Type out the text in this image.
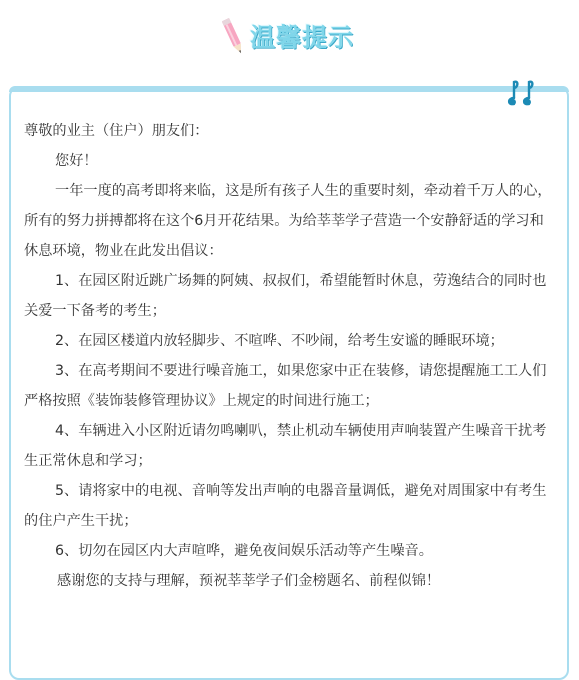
温馨提示

尊敬的业主（住户）朋友们：

您好！

一年一度的高考即将来临，这是所有孩子人生的重要时刻，牵动着千万人的心，所有的努力拼搏都将在这个6月开花结果。为给莘莘学子营造一个安静舒适的学习和休息环境，物业在此发出倡议：

1、在园区附近跳广场舞的阿姨、叔叔们，希望能暂时休息，劳逸结合的同时也关爱一下备考的考生；

2、在园区楼道内放轻脚步、不喧哗、不吵闹，给考生安谧的睡眠环境；

3、在高考期间不要进行噪音施工，如果您家中正在装修，请您提醒施工工人们严格按照《装饰装修管理协议》上规定的时间进行施工；

4、车辆进入小区附近请勿鸣喇叭，禁止机动车辆使用声响装置产生噪音干扰考生正常休息和学习；

5、请将家中的电视、音响等发出声响的电器音量调低，避免对周围家中有考生的住户产生干扰；

6、切勿在园区内大声喧哗，避免夜间娱乐活动等产生噪音。

感谢您的支持与理解，预祝莘莘学子们金榜题名、前程似锦！
